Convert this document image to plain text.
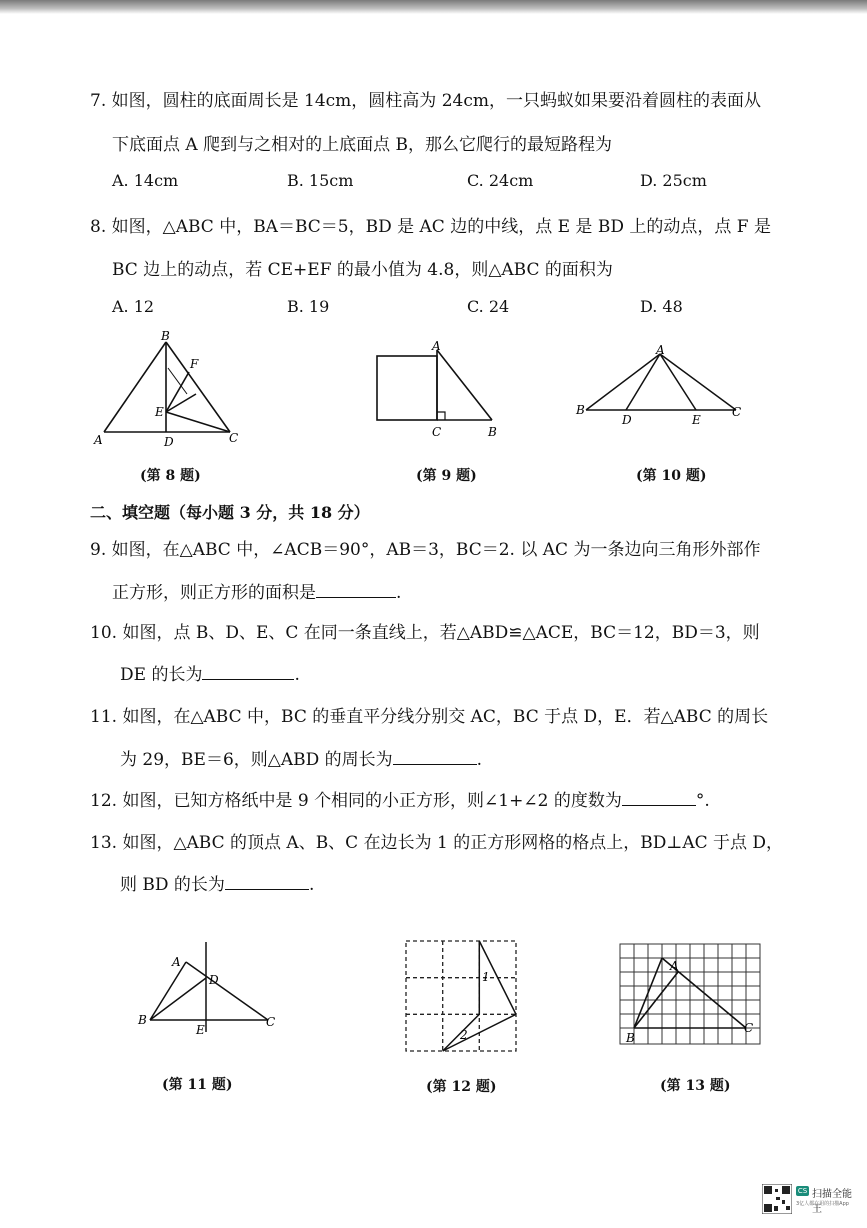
7. 如图，圆柱的底面周长是 14cm，圆柱高为 24cm，一只蚂蚁如果要沿着圆柱的表面从
下底面点 A 爬到与之相对的上底面点 B，那么它爬行的最短路程为
A. 14cm	B. 15cm	C. 24cm	D. 25cm
8. 如图，△ABC 中，BA＝BC＝5，BD 是 AC 边的中线，点 E 是 BD 上的动点，点 F 是
BC 边上的动点，若 CE+EF 的最小值为 4.8，则△ABC 的面积为
A. 12	B. 19	C. 24	D. 48
B
F
E
A	D	C
A
C	B
A
B
D	E
C
(第 8 题)	(第 9 题)	(第 10 题)
二、填空题（每小题 3 分，共 18 分）
9. 如图，在△ABC 中，∠ACB＝90°，AB＝3，BC＝2. 以 AC 为一条边向三角形外部作
正方形，则正方形的面积是	.
10. 如图，点 B、D、E、C 在同一条直线上，若△ABD≌△ACE，BC＝12，BD＝3，则
DE 的长为	.
11. 如图，在△ABC 中，BC 的垂直平分线分别交 AC，BC 于点 D，E．若△ABC 的周长
为 29，BE＝6，则△ABD 的周长为	.
12. 如图，已知方格纸中是 9 个相同的小正方形，则∠1+∠2 的度数为	°.
13. 如图，△ABC 的顶点 A、B、C 在边长为 1 的正方形网格的格点上，BD⊥AC 于点 D，
则 BD 的长为	.
A
D
B
E
C
1
2
A
B
C
(第 11 题)	(第 12 题)	(第 13 题)
CS 扫描全能王
3亿人都在用的扫描App
